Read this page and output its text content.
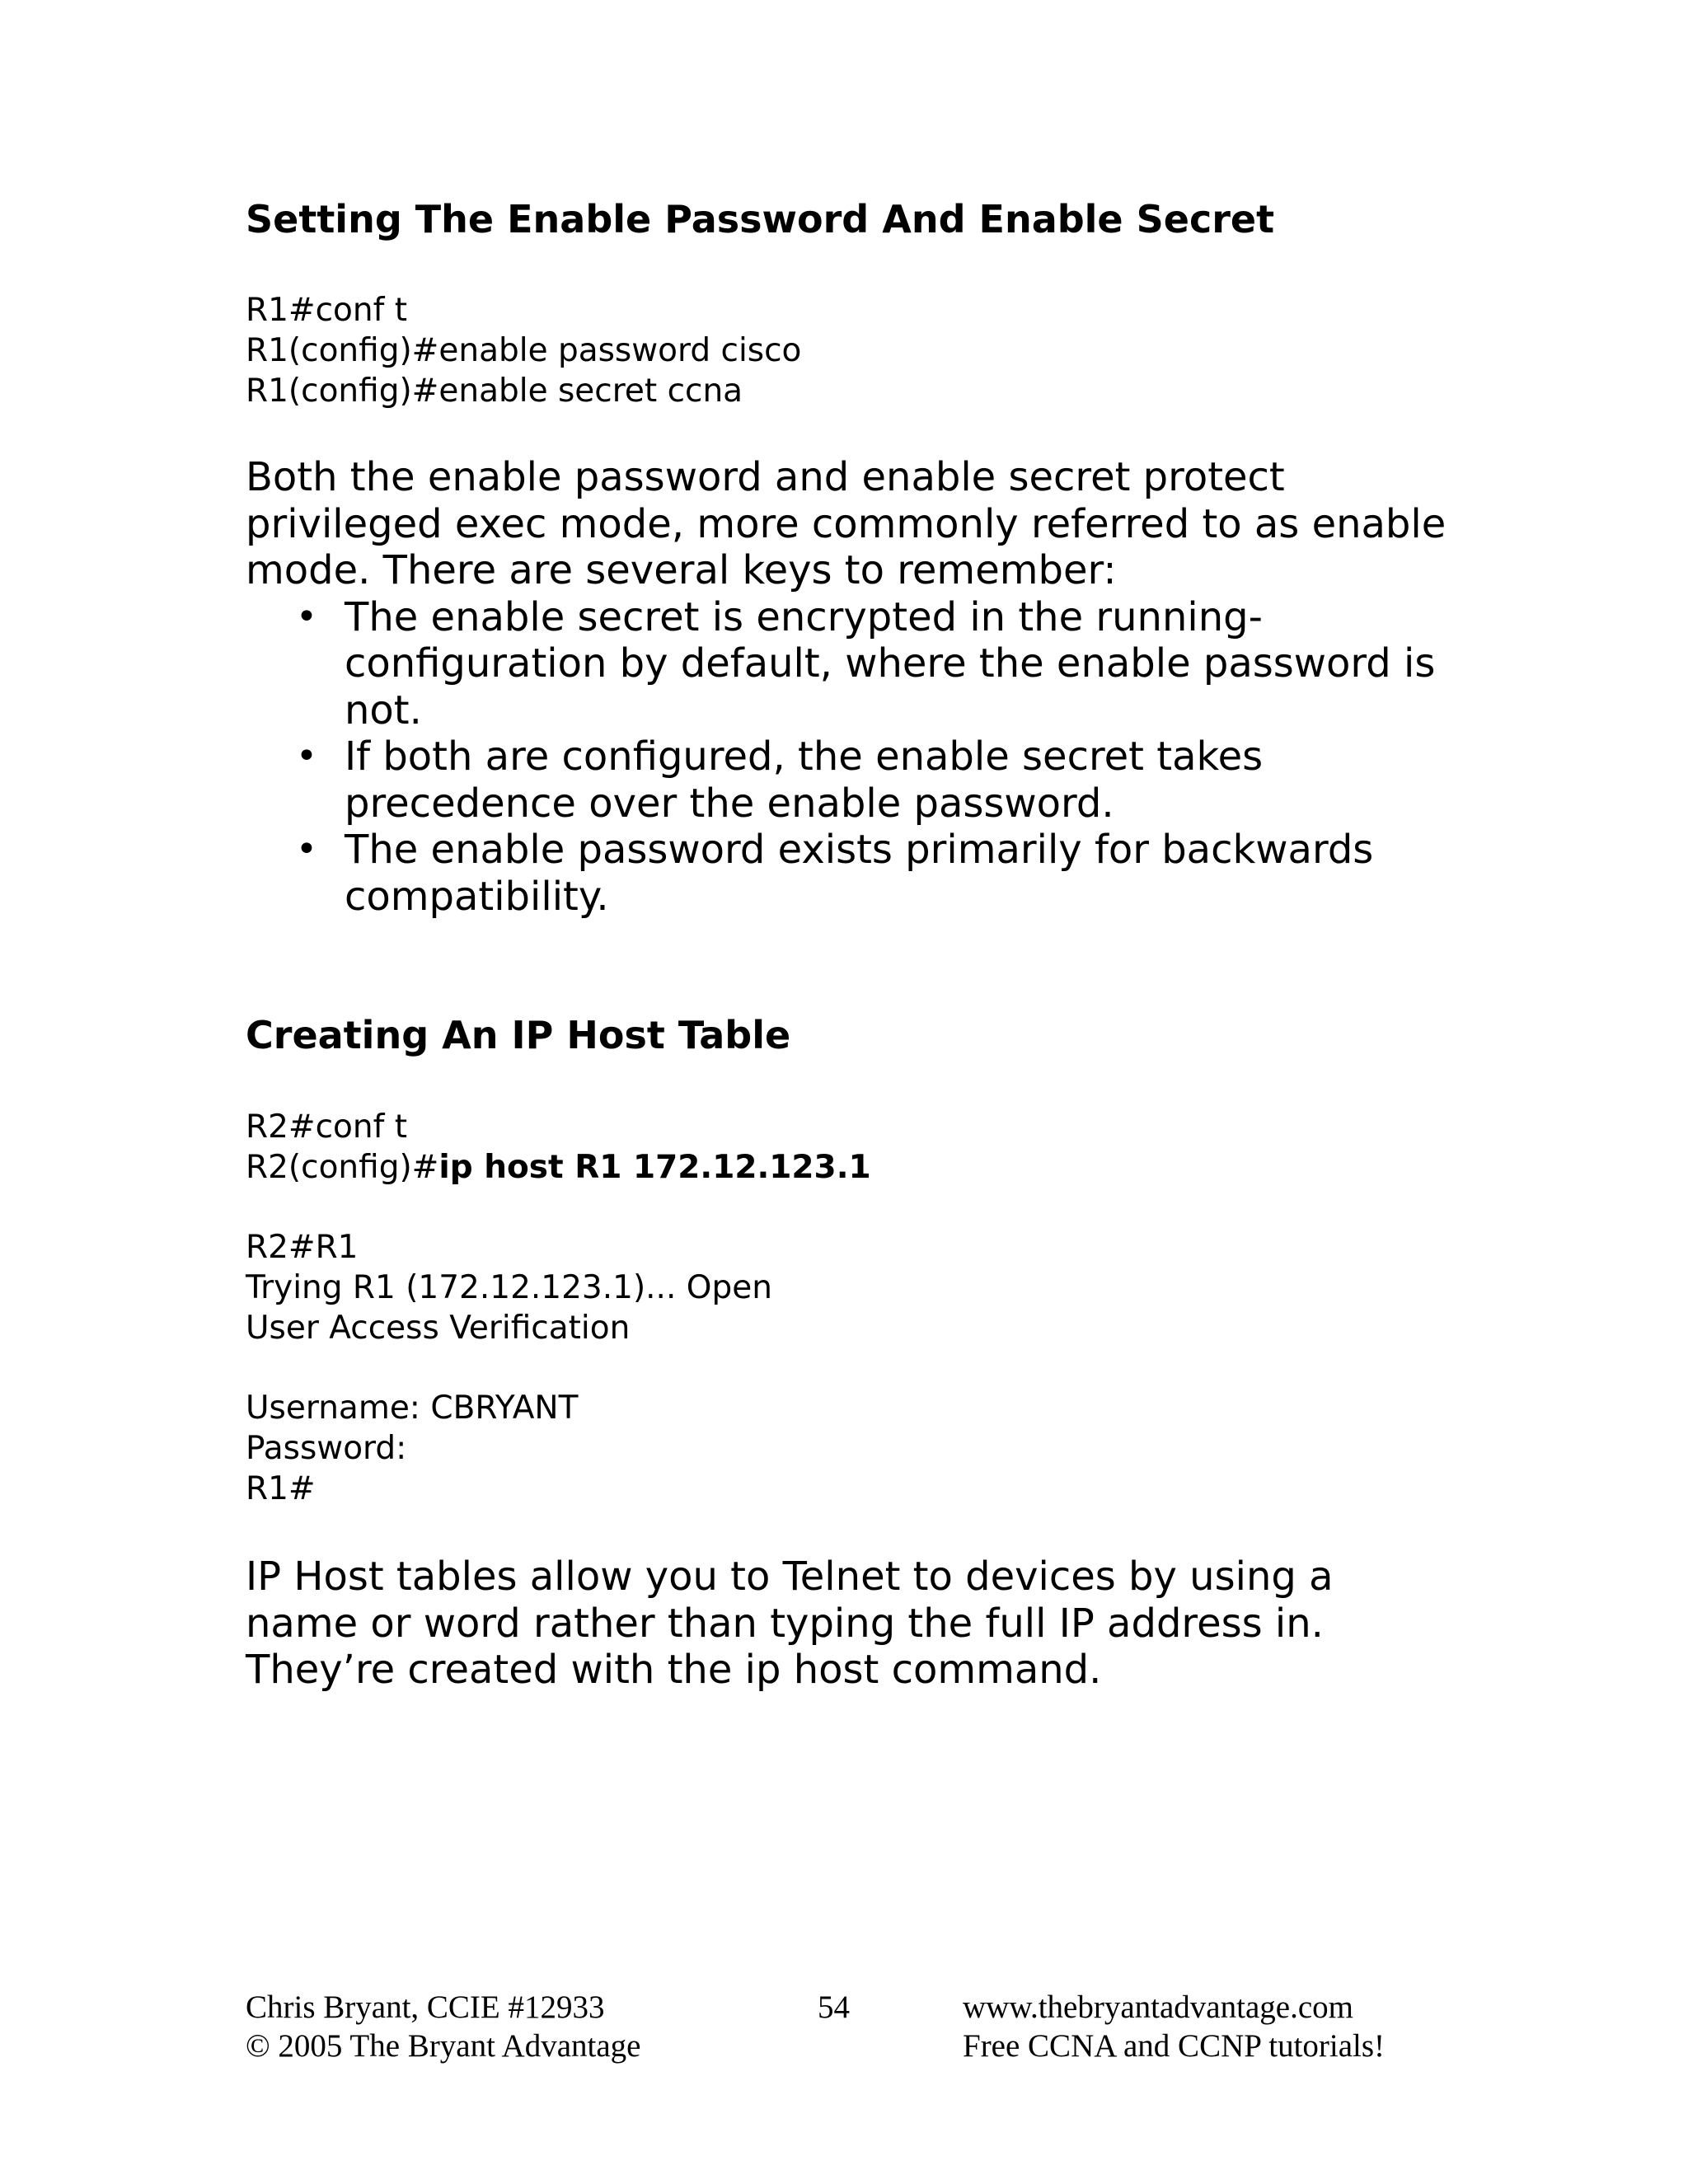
Setting The Enable Password And Enable Secret
R1#conf t
R1(config)#enable password cisco
R1(config)#enable secret ccna

Both the enable password and enable secret protect

privileged exec mode, more commonly referred to as enable

mode. There are several keys to remember:

• The enable secret is encrypted in the running-
configuration by default, where the enable password is
not.
• If both are configured, the enable secret takes
precedence over the enable password.
• The enable password exists primarily for backwards
compatibility.
Creating An IP Host Table
R2#conf t
R2(config)#ip host R1 172.12.123.1
R2#R1
Trying R1 (172.12.123.1)... Open
User Access Verification
Username: CBRYANT
Password:
R1#

IP Host tables allow you to Telnet to devices by using a

name or word rather than typing the full IP address in.

They’re created with the ip host command.

Chris Bryant, CCIE #12933
© 2005 The Bryant Advantage
54	www.thebryantadvantage.com
Free CCNA and CCNP tutorials!
